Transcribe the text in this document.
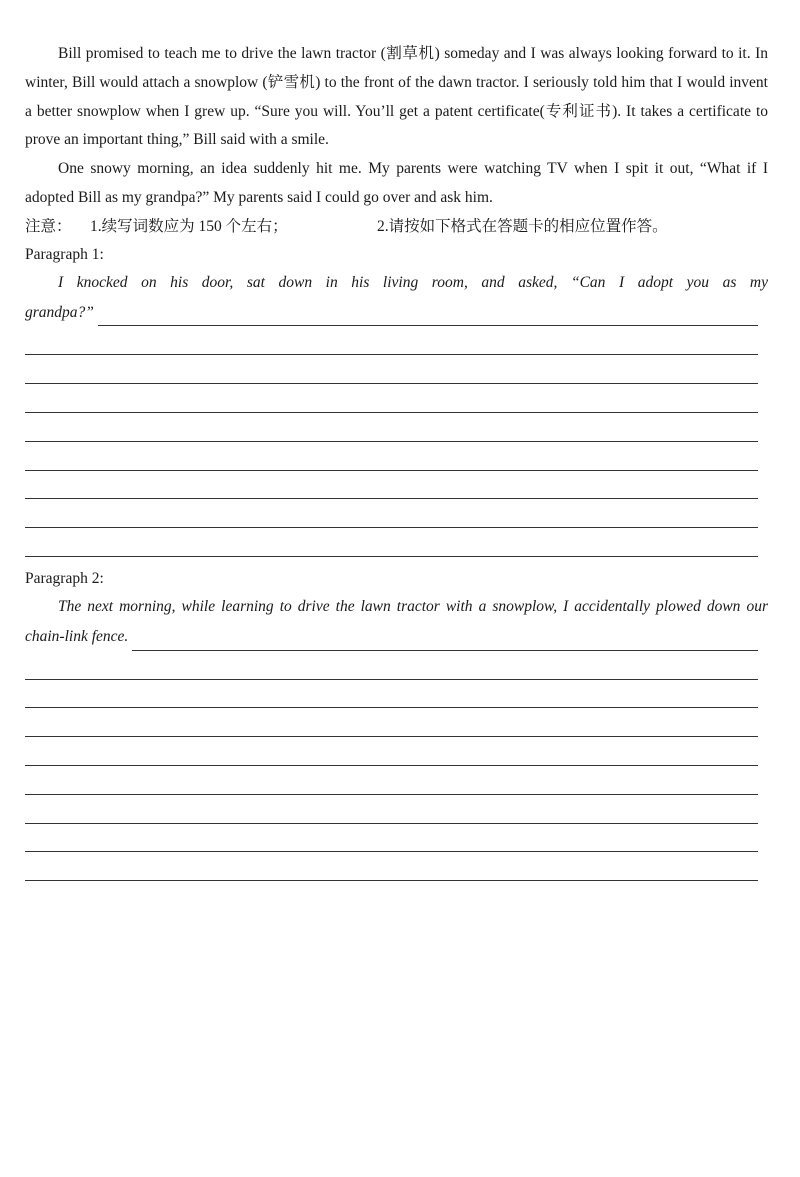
Bill promised to teach me to drive the lawn tractor (割草机) someday and I was always looking forward to it. In winter, Bill would attach a snowplow (铲雪机) to the front of the dawn tractor. I seriously told him that I would invent a better snowplow when I grew up. “Sure you will. You’ll get a patent certificate(专利证书). It takes a certificate to prove an important thing,” Bill said with a smile.

One snowy morning, an idea suddenly hit me. My parents were watching TV when I spit it out, “What if I adopted Bill as my grandpa?” My parents said I could go over and ask him.

注意： 1.续写词数应为 150 个左右；	2.请按如下格式在答题卡的相应位置作答。
Paragraph 1:
I knocked on his door, sat down in his living room, and asked, “Can I adopt you as my
grandpa?”
Paragraph 2:
The next morning, while learning to drive the lawn tractor with a snowplow, I accidentally plowed down our
chain-link fence.
